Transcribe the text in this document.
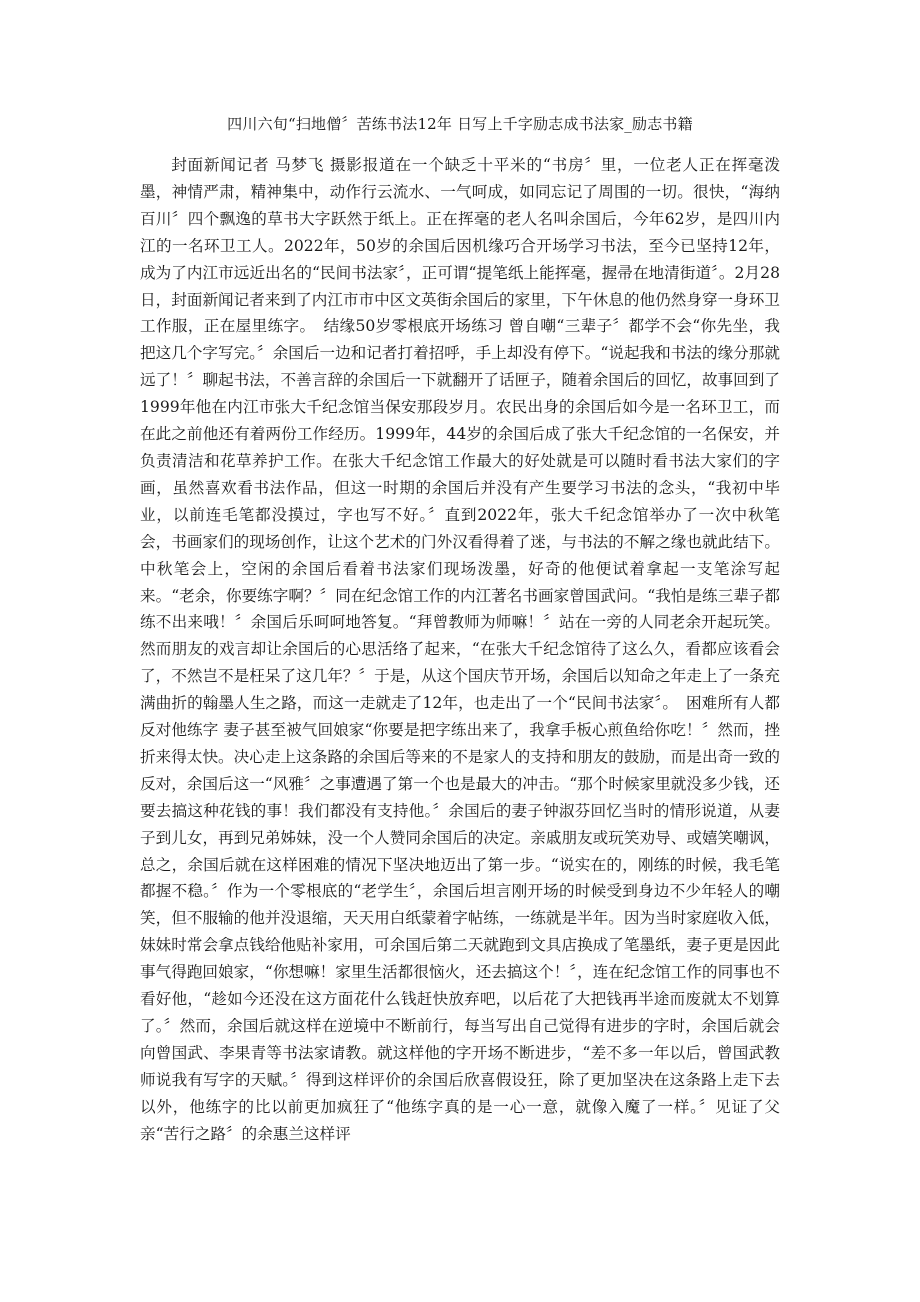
四川六旬“扫地僧〞苦练书法12年 日写上千字励志成书法家_励志书籍

封面新闻记者 马梦飞 摄影报道在一个缺乏十平米的“书房〞里，一位老人正在挥毫泼墨，神情严肃，精神集中，动作行云流水、一气呵成，如同忘记了周围的一切。很快，“海纳百川〞四个飘逸的草书大字跃然于纸上。正在挥毫的老人名叫余国后，今年62岁，是四川内江的一名环卫工人。2022年，50岁的余国后因机缘巧合开场学习书法，至今已坚持12年，成为了内江市远近出名的“民间书法家〞，正可谓“提笔纸上能挥毫，握帚在地清街道〞。2月28日，封面新闻记者来到了内江市市中区文英街余国后的家里，下午休息的他仍然身穿一身环卫工作服，正在屋里练字。　结缘50岁零根底开场练习 曾自嘲“三辈子〞都学不会“你先坐，我把这几个字写完。〞余国后一边和记者打着招呼，手上却没有停下。“说起我和书法的缘分那就远了！〞聊起书法，不善言辞的余国后一下就翻开了话匣子，随着余国后的回忆，故事回到了1999年他在内江市张大千纪念馆当保安那段岁月。农民出身的余国后如今是一名环卫工，而在此之前他还有着两份工作经历。1999年，44岁的余国后成了张大千纪念馆的一名保安，并负责清洁和花草养护工作。在张大千纪念馆工作最大的好处就是可以随时看书法大家们的字画，虽然喜欢看书法作品，但这一时期的余国后并没有产生要学习书法的念头，“我初中毕业，以前连毛笔都没摸过，字也写不好。〞直到2022年，张大千纪念馆举办了一次中秋笔会，书画家们的现场创作，让这个艺术的门外汉看得着了迷，与书法的不解之缘也就此结下。中秋笔会上，空闲的余国后看着书法家们现场泼墨，好奇的他便试着拿起一支笔涂写起来。“老余，你要练字啊？〞同在纪念馆工作的内江著名书画家曾国武问。“我怕是练三辈子都练不出来哦！〞余国后乐呵呵地答复。“拜曾教师为师嘛！〞站在一旁的人同老余开起玩笑。然而朋友的戏言却让余国后的心思活络了起来，“在张大千纪念馆待了这么久，看都应该看会了，不然岂不是枉呆了这几年？〞于是，从这个国庆节开场，余国后以知命之年走上了一条充满曲折的翰墨人生之路，而这一走就走了12年，也走出了一个“民间书法家〞。　困难所有人都反对他练字 妻子甚至被气回娘家“你要是把字练出来了，我拿手板心煎鱼给你吃！〞然而，挫折来得太快。决心走上这条路的余国后等来的不是家人的支持和朋友的鼓励，而是出奇一致的反对，余国后这一“风雅〞之事遭遇了第一个也是最大的冲击。“那个时候家里就没多少钱，还要去搞这种花钱的事！我们都没有支持他。〞余国后的妻子钟淑芬回忆当时的情形说道，从妻子到儿女，再到兄弟姊妹，没一个人赞同余国后的决定。亲戚朋友或玩笑劝导、或嬉笑嘲讽，总之，余国后就在这样困难的情况下坚决地迈出了第一步。“说实在的，刚练的时候，我毛笔都握不稳。〞作为一个零根底的“老学生〞，余国后坦言刚开场的时候受到身边不少年轻人的嘲笑，但不服输的他并没退缩，天天用白纸蒙着字帖练，一练就是半年。因为当时家庭收入低，妹妹时常会拿点钱给他贴补家用，可余国后第二天就跑到文具店换成了笔墨纸，妻子更是因此事气得跑回娘家，“你想嘛！家里生活都很恼火，还去搞这个！〞，连在纪念馆工作的同事也不看好他，“趁如今还没在这方面花什么钱赶快放弃吧，以后花了大把钱再半途而废就太不划算了。〞然而，余国后就这样在逆境中不断前行，每当写出自己觉得有进步的字时，余国后就会向曾国武、李果青等书法家请教。就这样他的字开场不断进步，“差不多一年以后，曾国武教师说我有写字的天赋。〞得到这样评价的余国后欣喜假设狂，除了更加坚决在这条路上走下去以外，他练字的比以前更加疯狂了“他练字真的是一心一意，就像入魔了一样。〞见证了父亲“苦行之路〞的余惠兰这样评
